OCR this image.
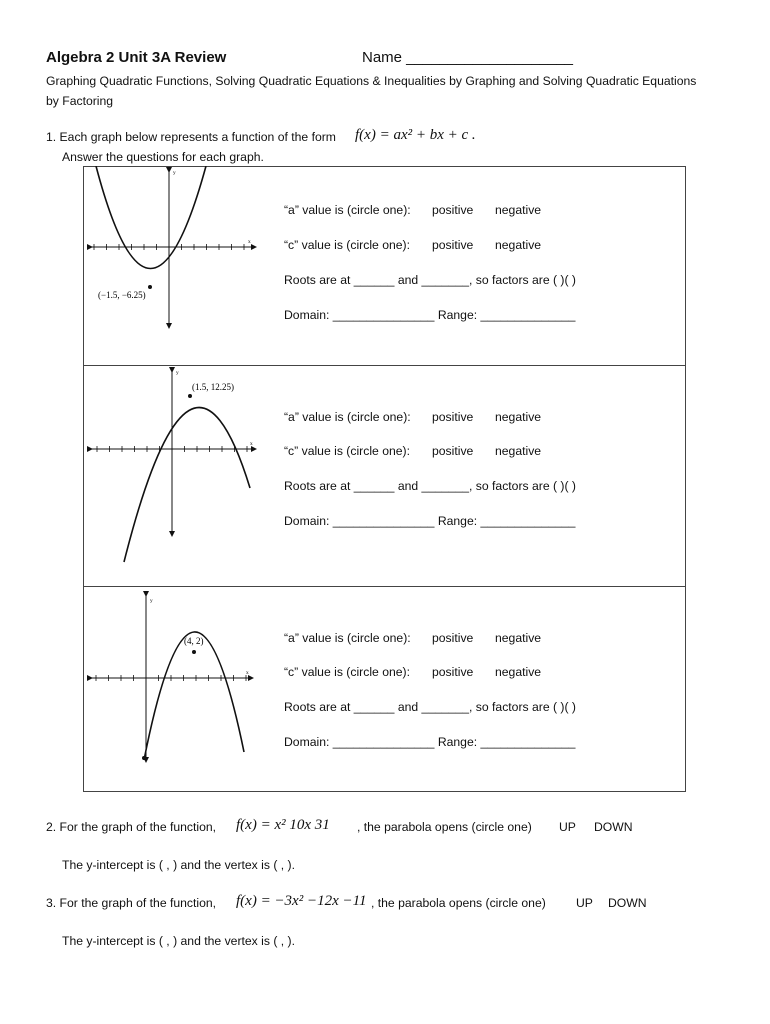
Algebra 2 Unit 3A Review	Name ____________________
Graphing Quadratic Functions, Solving Quadratic Equations & Inequalities by Graphing and Solving Quadratic Equations
by Factoring
1. Each graph below represents a function of the form f(x) = ax² + bx + c .
Answer the questions for each graph.
(−1.5, −6.25)
y
x
“a” value is (circle one): positive negative
“c” value is (circle one): positive negative
Roots are at ______ and _______, so factors are ( )( )
Domain: _______________ Range: ______________
(1.5, 12.25)
y
x
“a” value is (circle one): positive negative
“c” value is (circle one): positive negative
Roots are at ______ and _______, so factors are ( )( )
Domain: _______________ Range: ______________
(4, 2)
y
x
“a” value is (circle one): positive negative
“c” value is (circle one): positive negative
Roots are at ______ and _______, so factors are ( )( )
Domain: _______________ Range: ______________
2. For the graph of the function, f(x) = x² 10x 31 , the parabola opens (circle one) UP DOWN
The y-intercept is ( , ) and the vertex is ( , ).
3. For the graph of the function, f(x) = −3x² −12x −11 , the parabola opens (circle one) UP DOWN
The y-intercept is ( , ) and the vertex is ( , ).
